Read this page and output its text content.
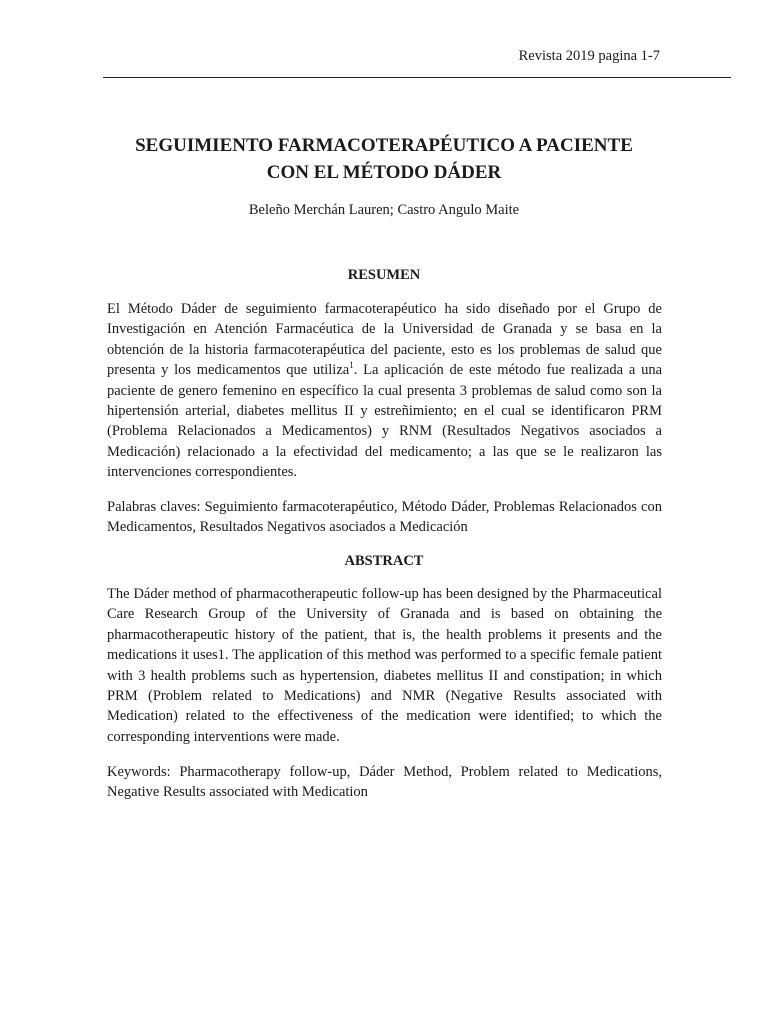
Revista 2019 pagina 1-7
SEGUIMIENTO FARMACOTERAPÉUTICO A PACIENTE
CON EL MÉTODO DÁDER
Beleño Merchán Lauren; Castro Angulo Maite
RESUMEN

El Método Dáder de seguimiento farmacoterapéutico ha sido diseñado por el Grupo de Investigación en Atención Farmacéutica de la Universidad de Granada y se basa en la obtención de la historia farmacoterapéutica del paciente, esto es los problemas de salud que presenta y los medicamentos que utiliza$^1$. La aplicación de este método fue realizada a una paciente de genero femenino en específico la cual presenta 3 problemas de salud como son la hipertensión arterial, diabetes mellitus II y estreñimiento; en el cual se identificaron PRM (Problema Relacionados a Medicamentos) y RNM (Resultados Negativos asociados a Medicación) relacionado a la efectividad del medicamento; a las que se le realizaron las intervenciones correspondientes.

Palabras claves: Seguimiento farmacoterapéutico, Método Dáder, Problemas Relacionados con Medicamentos, Resultados Negativos asociados a Medicación

ABSTRACT

The Dáder method of pharmacotherapeutic follow-up has been designed by the Pharmaceutical Care Research Group of the University of Granada and is based on obtaining the pharmacotherapeutic history of the patient, that is, the health problems it presents and the medications it uses1. The application of this method was performed to a specific female patient with 3 health problems such as hypertension, diabetes mellitus II and constipation; in which PRM (Problem related to Medications) and NMR (Negative Results associated with Medication) related to the effectiveness of the medication were identified; to which the corresponding interventions were made.

Keywords: Pharmacotherapy follow-up, Dáder Method, Problem related to Medications, Negative Results associated with Medication
